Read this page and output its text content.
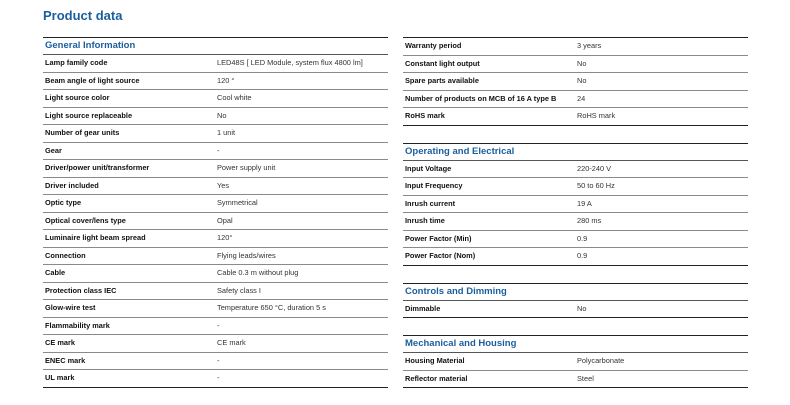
Product data
General Information
Lamp family code	LED48S [ LED Module, system flux 4800 lm]
Beam angle of light source	120 °
Light source color	Cool white
Light source replaceable	No
Number of gear units	1 unit
Gear	-
Driver/power unit/transformer	Power supply unit
Driver included	Yes
Optic type	Symmetrical
Optical cover/lens type	Opal
Luminaire light beam spread	120°
Connection	Flying leads/wires
Cable	Cable 0.3 m without plug
Protection class IEC	Safety class I
Glow-wire test	Temperature 650 °C, duration 5 s
Flammability mark	-
CE mark	CE mark
ENEC mark	-
UL mark	-
Warranty period	3 years
Constant light output	No
Spare parts available	No
Number of products on MCB of 16 A type B	24
RoHS mark	RoHS mark
Operating and Electrical
Input Voltage	220-240 V
Input Frequency	50 to 60 Hz
Inrush current	19 A
Inrush time	280 ms
Power Factor (Min)	0.9
Power Factor (Nom)	0.9
Controls and Dimming
Dimmable	No
Mechanical and Housing
Housing Material	Polycarbonate
Reflector material	Steel
